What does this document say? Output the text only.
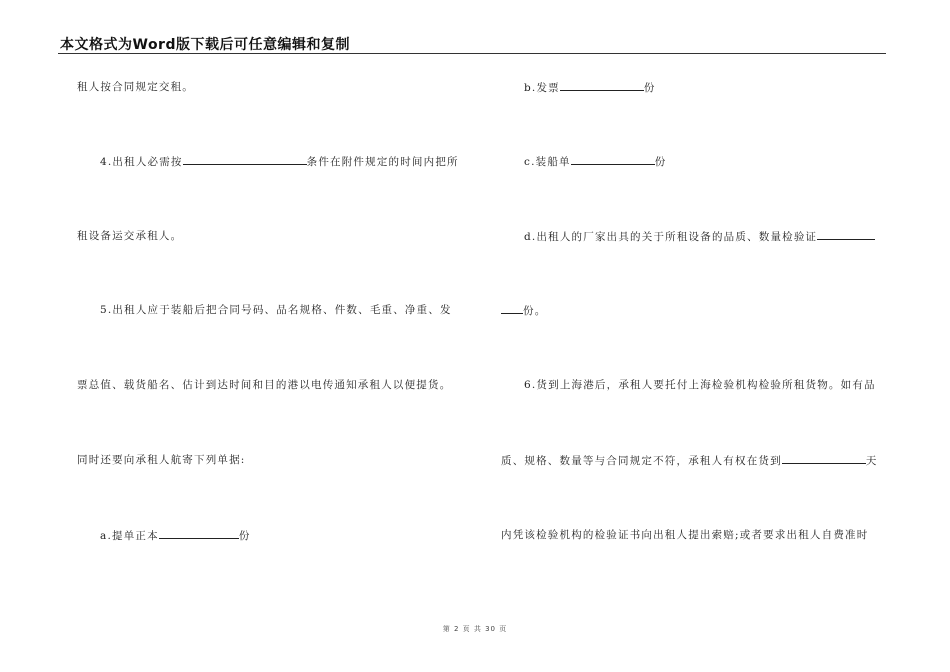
本文格式为Word版下载后可任意编辑和复制
租人按合同规定交租。
4.出租人必需按	条件在附件规定的时间内把所
租设备运交承租人。
5.出租人应于装船后把合同号码、品名规格、件数、毛重、净重、发
票总值、载货船名、估计到达时间和目的港以电传通知承租人以便提货。
同时还要向承租人航寄下列单据:
a.提单正本	份
b.发票	份
c.装船单	份
d.出租人的厂家出具的关于所租设备的品质、数量检验证
份。
6.货到上海港后，承租人要托付上海检验机构检验所租货物。如有品
质、规格、数量等与合同规定不符，承租人有权在货到	天
内凭该检验机构的检验证书向出租人提出索赔;或者要求出租人自费准时
第 2 页 共 30 页
